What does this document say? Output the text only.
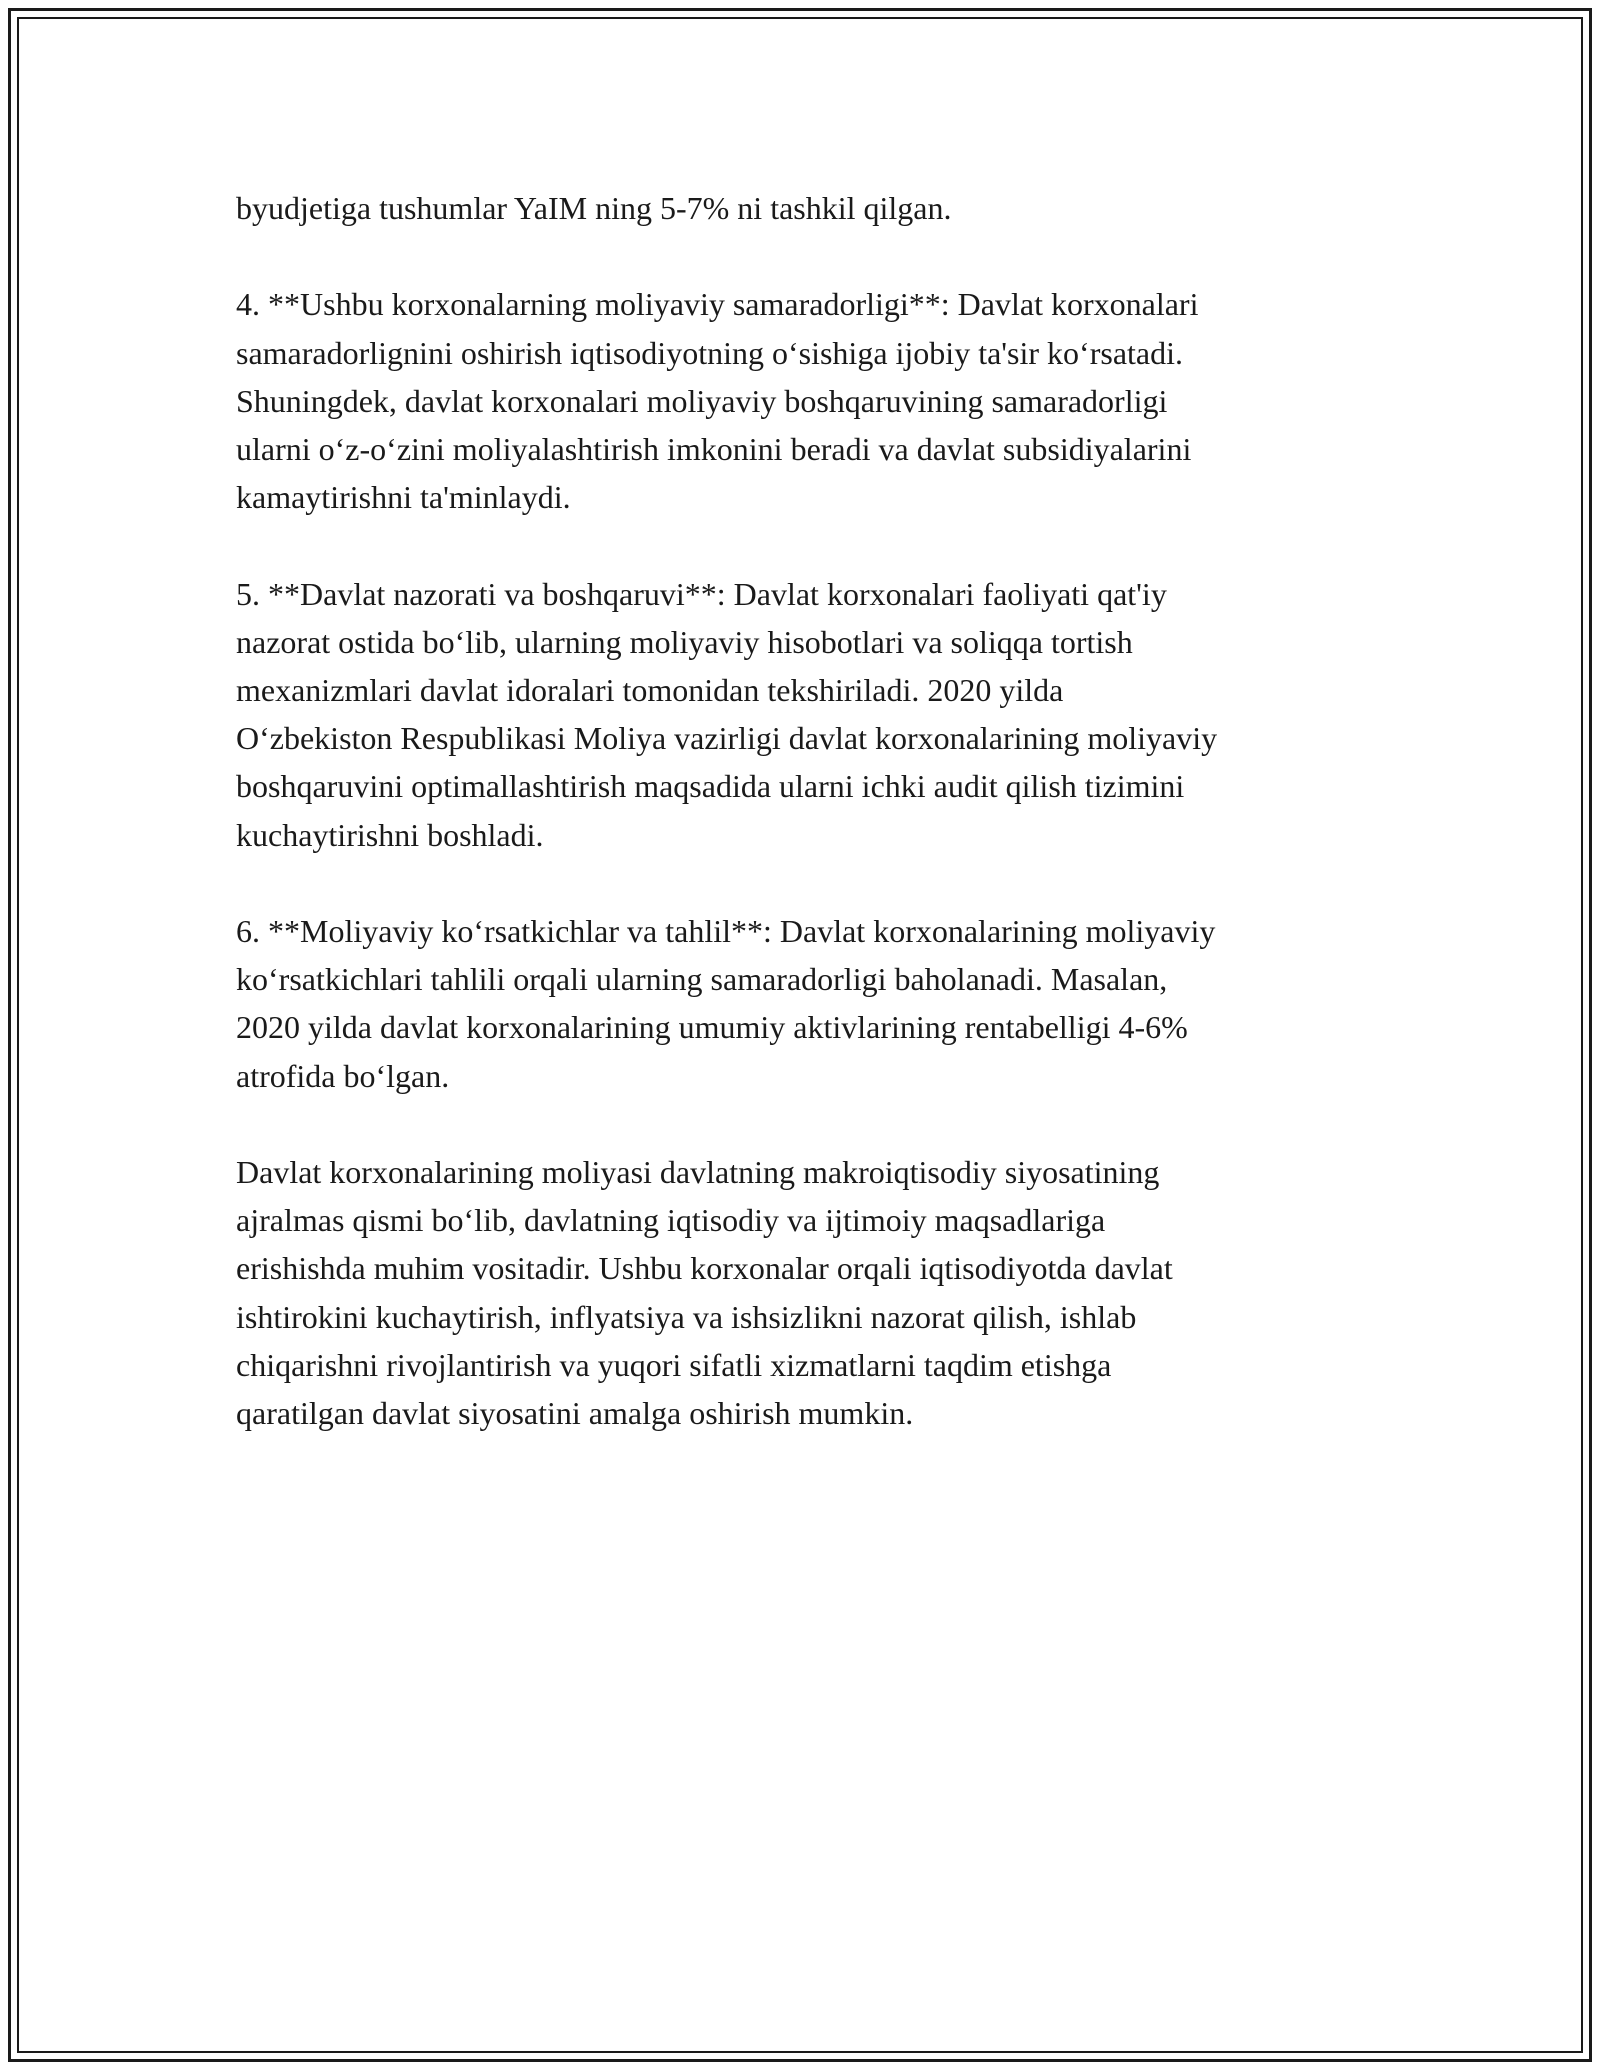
byudjetiga tushumlar YaIM ning 5-7% ni tashkil qilgan.

4. **Ushbu korxonalarning moliyaviy samaradorligi**: Davlat korxonalari
samaradorlignini oshirish iqtisodiyotning o‘sishiga ijobiy ta'sir ko‘rsatadi.
Shuningdek, davlat korxonalari moliyaviy boshqaruvining samaradorligi
ularni o‘z-o‘zini moliyalashtirish imkonini beradi va davlat subsidiyalarini
kamaytirishni ta'minlaydi.

5. **Davlat nazorati va boshqaruvi**: Davlat korxonalari faoliyati qat'iy
nazorat ostida bo‘lib, ularning moliyaviy hisobotlari va soliqqa tortish
mexanizmlari davlat idoralari tomonidan tekshiriladi. 2020 yilda
O‘zbekiston Respublikasi Moliya vazirligi davlat korxonalarining moliyaviy
boshqaruvini optimallashtirish maqsadida ularni ichki audit qilish tizimini
kuchaytirishni boshladi.

6. **Moliyaviy ko‘rsatkichlar va tahlil**: Davlat korxonalarining moliyaviy
ko‘rsatkichlari tahlili orqali ularning samaradorligi baholanadi. Masalan,
2020 yilda davlat korxonalarining umumiy aktivlarining rentabelligi 4-6%
atrofida bo‘lgan.

Davlat korxonalarining moliyasi davlatning makroiqtisodiy siyosatining
ajralmas qismi bo‘lib, davlatning iqtisodiy va ijtimoiy maqsadlariga
erishishda muhim vositadir. Ushbu korxonalar orqali iqtisodiyotda davlat
ishtirokini kuchaytirish, inflyatsiya va ishsizlikni nazorat qilish, ishlab
chiqarishni rivojlantirish va yuqori sifatli xizmatlarni taqdim etishga
qaratilgan davlat siyosatini amalga oshirish mumkin.
